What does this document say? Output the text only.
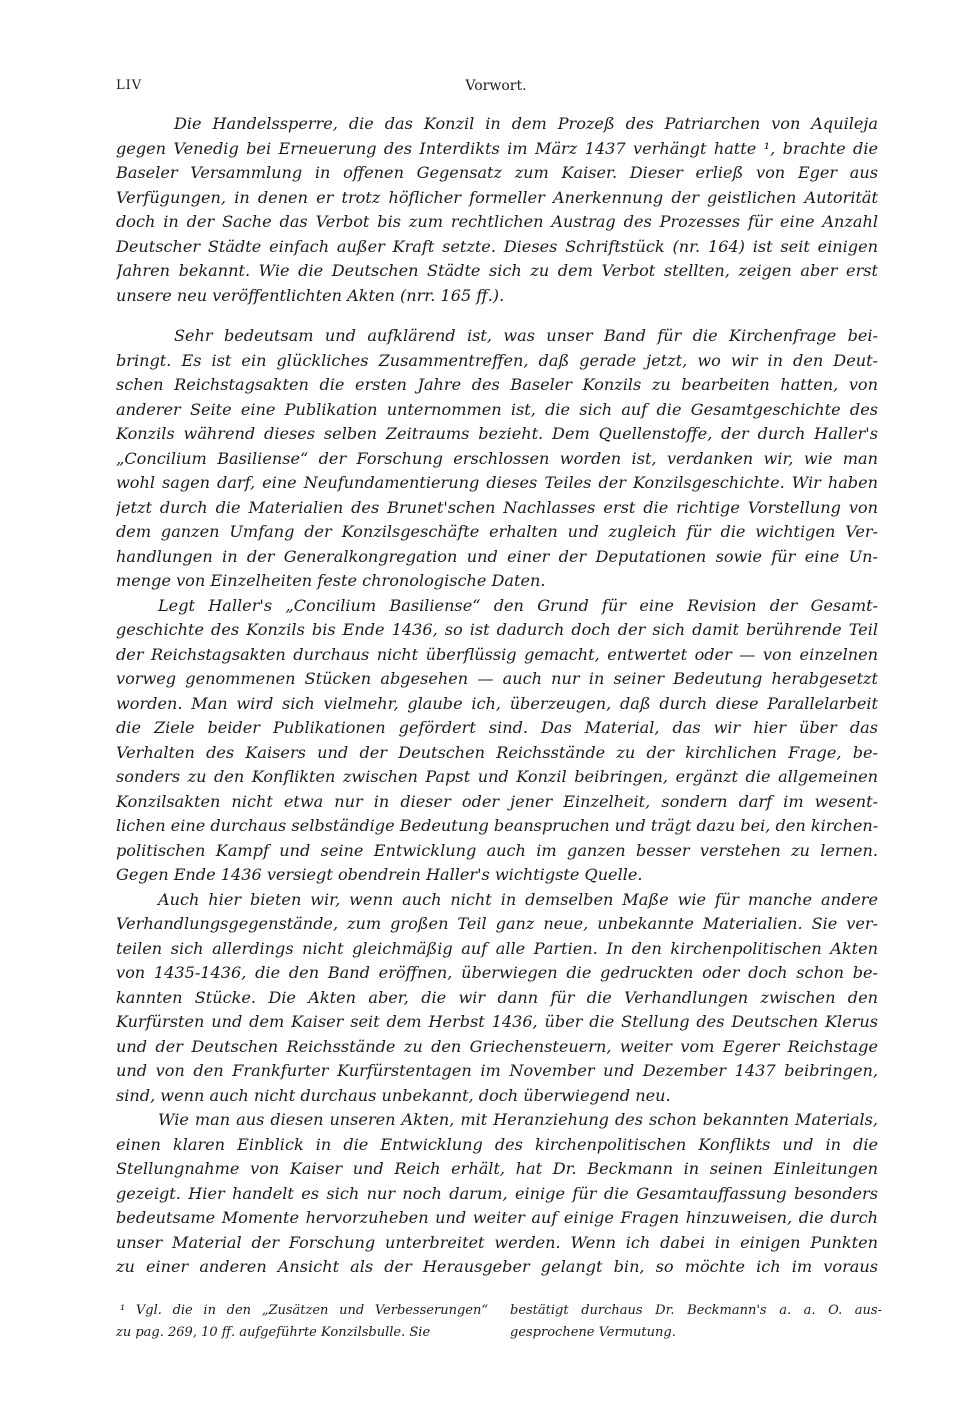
LIV	Vorwort.
Die Handelssperre, die das Konzil in dem Prozeß des Patriarchen von Aquileja
gegen Venedig bei Erneuerung des Interdikts im März 1437 verhängt hatte ¹, brachte die
Baseler Versammlung in offenen Gegensatz zum Kaiser. Dieser erließ von Eger aus
Verfügungen, in denen er trotz höflicher formeller Anerkennung der geistlichen Autorität
doch in der Sache das Verbot bis zum rechtlichen Austrag des Prozesses für eine Anzahl
Deutscher Städte einfach außer Kraft setzte. Dieses Schriftstück (nr. 164) ist seit einigen
Jahren bekannt. Wie die Deutschen Städte sich zu dem Verbot stellten, zeigen aber erst
unsere neu veröffentlichten Akten (nrr. 165 ff.).
Sehr bedeutsam und aufklärend ist, was unser Band für die Kirchenfrage bei-
bringt. Es ist ein glückliches Zusammentreffen, daß gerade jetzt, wo wir in den Deut-
schen Reichstagsakten die ersten Jahre des Baseler Konzils zu bearbeiten hatten, von
anderer Seite eine Publikation unternommen ist, die sich auf die Gesamtgeschichte des
Konzils während dieses selben Zeitraums bezieht. Dem Quellenstoffe, der durch Haller's
„Concilium Basiliense“ der Forschung erschlossen worden ist, verdanken wir, wie man
wohl sagen darf, eine Neufundamentierung dieses Teiles der Konzilsgeschichte. Wir haben
jetzt durch die Materialien des Brunet'schen Nachlasses erst die richtige Vorstellung von
dem ganzen Umfang der Konzilsgeschäfte erhalten und zugleich für die wichtigen Ver-
handlungen in der Generalkongregation und einer der Deputationen sowie für eine Un-
menge von Einzelheiten feste chronologische Daten.
Legt Haller's „Concilium Basiliense“ den Grund für eine Revision der Gesamt-
geschichte des Konzils bis Ende 1436, so ist dadurch doch der sich damit berührende Teil
der Reichstagsakten durchaus nicht überflüssig gemacht, entwertet oder — von einzelnen
vorweg genommenen Stücken abgesehen — auch nur in seiner Bedeutung herabgesetzt
worden. Man wird sich vielmehr, glaube ich, überzeugen, daß durch diese Parallelarbeit
die Ziele beider Publikationen gefördert sind. Das Material, das wir hier über das
Verhalten des Kaisers und der Deutschen Reichsstände zu der kirchlichen Frage, be-
sonders zu den Konflikten zwischen Papst und Konzil beibringen, ergänzt die allgemeinen
Konzilsakten nicht etwa nur in dieser oder jener Einzelheit, sondern darf im wesent-
lichen eine durchaus selbständige Bedeutung beanspruchen und trägt dazu bei, den kirchen-
politischen Kampf und seine Entwicklung auch im ganzen besser verstehen zu lernen.
Gegen Ende 1436 versiegt obendrein Haller's wichtigste Quelle.
Auch hier bieten wir, wenn auch nicht in demselben Maße wie für manche andere
Verhandlungsgegenstände, zum großen Teil ganz neue, unbekannte Materialien. Sie ver-
teilen sich allerdings nicht gleichmäßig auf alle Partien. In den kirchenpolitischen Akten
von 1435-1436, die den Band eröffnen, überwiegen die gedruckten oder doch schon be-
kannten Stücke. Die Akten aber, die wir dann für die Verhandlungen zwischen den
Kurfürsten und dem Kaiser seit dem Herbst 1436, über die Stellung des Deutschen Klerus
und der Deutschen Reichsstände zu den Griechensteuern, weiter vom Egerer Reichstage
und von den Frankfurter Kurfürstentagen im November und Dezember 1437 beibringen,
sind, wenn auch nicht durchaus unbekannt, doch überwiegend neu.
Wie man aus diesen unseren Akten, mit Heranziehung des schon bekannten Materials,
einen klaren Einblick in die Entwicklung des kirchenpolitischen Konflikts und in die
Stellungnahme von Kaiser und Reich erhält, hat Dr. Beckmann in seinen Einleitungen
gezeigt. Hier handelt es sich nur noch darum, einige für die Gesamtauffassung besonders
bedeutsame Momente hervorzuheben und weiter auf einige Fragen hinzuweisen, die durch
unser Material der Forschung unterbreitet werden. Wenn ich dabei in einigen Punkten
zu einer anderen Ansicht als der Herausgeber gelangt bin, so möchte ich im voraus
¹ Vgl. die in den „Zusätzen und Verbesserungen“
zu pag. 269, 10 ff. aufgeführte Konzilsbulle. Sie
bestätigt durchaus Dr. Beckmann's a. a. O. aus-
gesprochene Vermutung.
